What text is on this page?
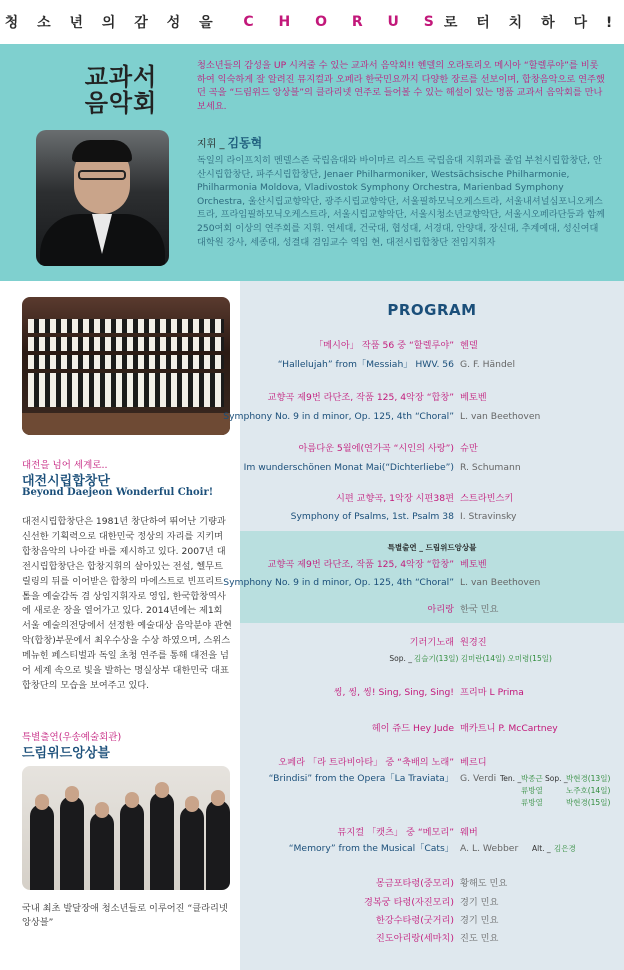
청 소 년 의 감 성 을
C H O R U S 로 터 치 하 다 !
교과서
음악회
청소년들의 감성을 UP 시켜줄 수 있는 교과서 음악회!! 헨델의 오라토리오 메시아 “할렐루야”를 비롯하여 익숙하게 잘 알려진 뮤지컬과 오페라 한국민요까지 다양한 장르를 선보이며, 합창음악으로 연주했던 곡을 “드림위드 앙상블”의 클라리넷 연주로 들어볼 수 있는 해설이 있는 명품 교과서 음악회를 만나보세요.
지휘 _ 김동혁
독일의 라이프치히 멘델스존 국립음대와 바이마르 리스트 국립음대 지휘과를 졸업 부천시립합창단, 안산시립합창단, 파주시립합창단, Jenaer Philharmoniker, Westsächsische Philharmonie, Philharmonia Moldova, Vladivostok Symphony Orchestra, Marienbad Symphony Orchestra, 울산시립교향악단, 광주시립교향악단, 서울필하모닉오케스트라, 서울내셔널심포니오케스트라, 프라임필하모닉오케스트라, 서울시립교향악단, 서울시청소년교향악단, 서울시오페라단등과 함께 250여회 이상의 연주회를 지휘. 연세대, 건국대, 협성대, 서경대, 안양대, 장신대, 추계예대, 성신여대 대학원 강사, 세종대, 성결대 겸임교수 역임 현, 대전시립합창단 전임지휘자
대전을 넘어 세계로..
대전시립합창단
Beyond Daejeon Wonderful Choir!
대전시립합창단은 1981년 창단하여 뛰어난 기량과 신선한 기획력으로 대한민국 정상의 자리를 지키며 합창음악의 나아갈 바를 제시하고 있다. 2007년 대전시립합창단은 합창지휘의 살아있는 전설, 헬무트 릴링의 뒤를 이어받은 합창의 마에스트로 빈프리트 톨을 예술감독 겸 상임지휘자로 영입, 한국합창역사에 새로운 장을 열어가고 있다. 2014년에는 제1회 서울 예술의전당에서 선정한 예술대상 음악분야 관현악(합창)부문에서 최우수상을 수상 하였으며, 스위스 메뉴힌 페스티벌과 독일 초청 연주를 통해 대전을 넘어 세계 속으로 빛을 발하는 명실상부 대한민국 대표 합창단의 모습을 보여주고 있다.
특별출연(우송예술회관)
드림위드앙상블
국내 최초 발달장애 청소년들로 이루어진 “클라리넷 앙상블”
PROGRAM
특별출연 _ 드림위드앙상블
「메시아」 작품 56 중 “할렐루야” 헨델
“Hallelujah” from「Messiah」 HWV. 56 G. F. Händel
교향곡 제9번 라단조, 작품 125, 4악장 “합창” 베토벤
Symphony No. 9 in d minor, Op. 125, 4th “Choral” L. van Beethoven
아름다운 5월에(연가곡 “시인의 사랑”) 슈만
Im wunderschönen Monat Mai(“Dichterliebe”) R. Schumann
시편 교향곡, 1악장 시편38편 스트라빈스키
Symphony of Psalms, 1st. Psalm 38 I. Stravinsky
교향곡 제9번 라단조, 작품 125, 4악장 “합창” 베토벤
Symphony No. 9 in d minor, Op. 125, 4th “Choral” L. van Beethoven
아리랑 한국 민요
기러기노래 원경진
Sop. _ 김슬기(13일) 김미란(14일) 오미령(15일)
씽, 씽, 씽! Sing, Sing, Sing! 프리마 L Prima
헤이 쥬드 Hey Jude 매카트니 P. McCartney
오페라 「라 트라비아타」 중 “축배의 노래” 베르디
“Brindisi” from the Opera「La Traviata」 G. Verdi Ten. _ 박종근 Sop. _
박현경(13일)
류방열	노주호(14일)
류방열	박현경(15일)
뮤지컬 「캣츠」 중 “메모리” 웨버
“Memory” from the Musical「Cats」 A. L. Webber Alt. _ 김은경
몽금포타령(중모리) 황해도 민요
경복궁 타령(자진모리) 경기 민요
한강수타령(굿거리) 경기 민요
진도아리랑(세마치) 진도 민요
